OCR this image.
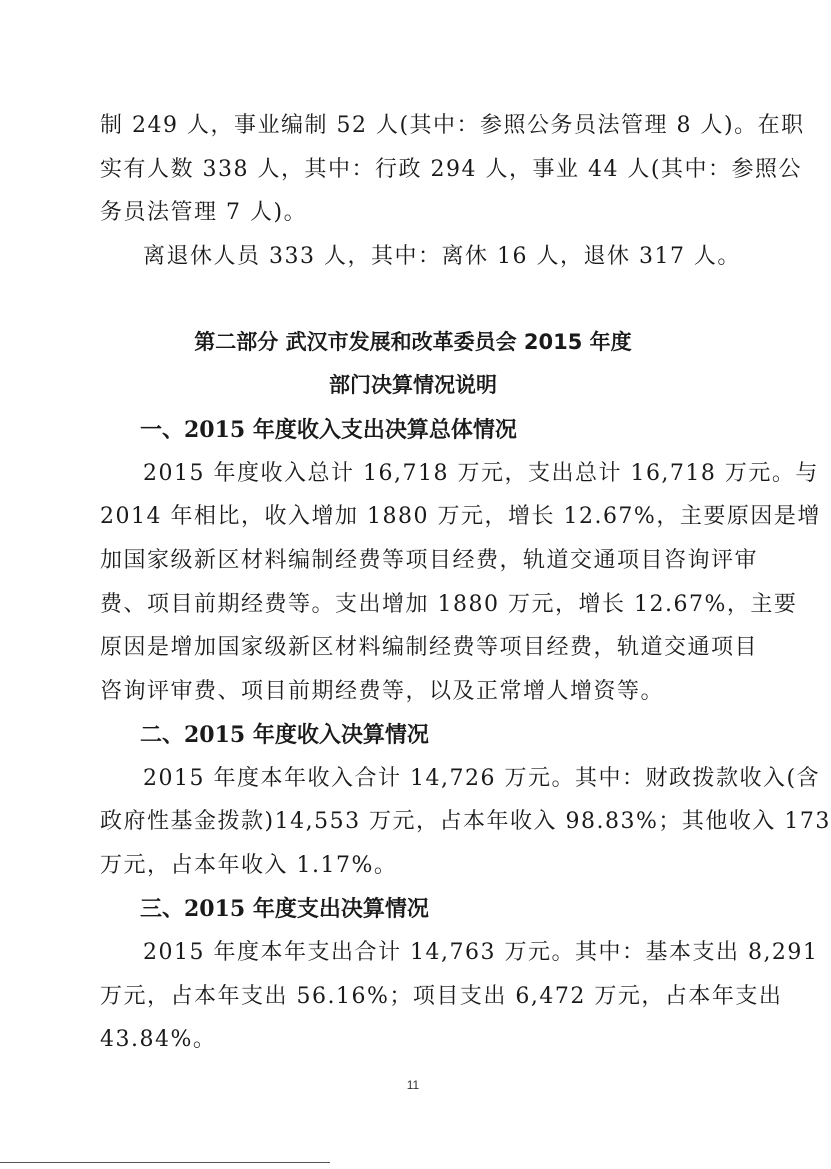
制 249 人，事业编制 52 人(其中：参照公务员法管理 8 人)。在职
实有人数 338 人，其中：行政 294 人，事业 44 人(其中：参照公
务员法管理 7 人)。
离退休人员 333 人，其中：离休 16 人，退休 317 人。
第二部分 武汉市发展和改革委员会 2015 年度
部门决算情况说明
一、2015 年度收入支出决算总体情况
2015 年度收入总计 16,718 万元，支出总计 16,718 万元。与
2014 年相比，收入增加 1880 万元，增长 12.67%，主要原因是增
加国家级新区材料编制经费等项目经费，轨道交通项目咨询评审
费、项目前期经费等。支出增加 1880 万元，增长 12.67%，主要
原因是增加国家级新区材料编制经费等项目经费，轨道交通项目
咨询评审费、项目前期经费等，以及正常增人增资等。
二、2015 年度收入决算情况
2015 年度本年收入合计 14,726 万元。其中：财政拨款收入(含
政府性基金拨款)14,553 万元，占本年收入 98.83%；其他收入 173
万元，占本年收入 1.17%。
三、2015 年度支出决算情况
2015 年度本年支出合计 14,763 万元。其中：基本支出 8,291
万元，占本年支出 56.16%；项目支出 6,472 万元，占本年支出
43.84%。
11
